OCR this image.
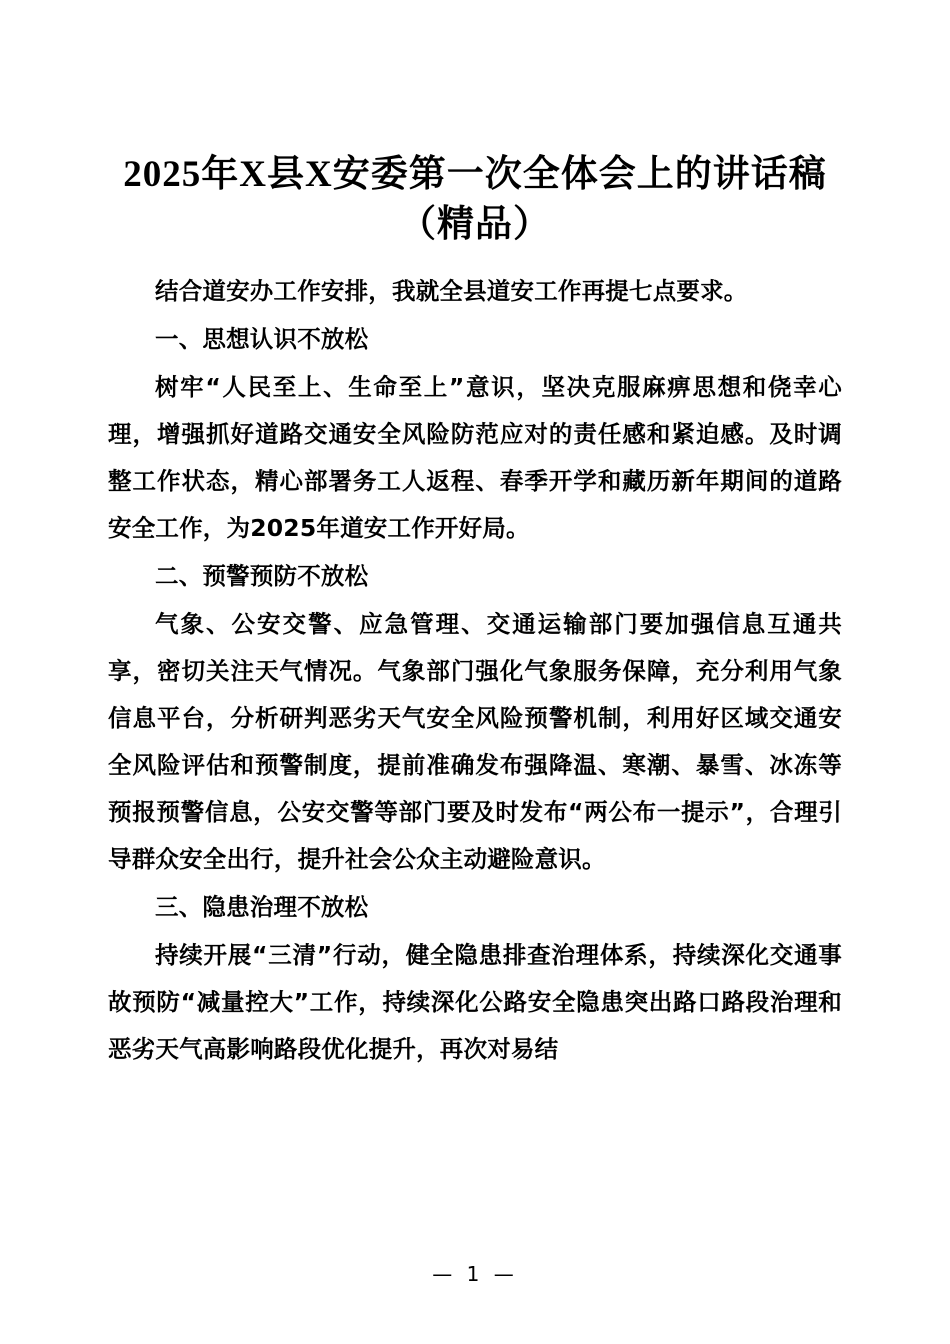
2025年X县X安委第一次全体会上的讲话稿（精品）

结合道安办工作安排，我就全县道安工作再提七点要求。

一、思想认识不放松

树牢“人民至上、生命至上”意识，坚决克服麻痹思想和侥幸心理，增强抓好道路交通安全风险防范应对的责任感和紧迫感。及时调整工作状态，精心部署务工人返程、春季开学和藏历新年期间的道路安全工作，为2025年道安工作开好局。

二、预警预防不放松

气象、公安交警、应急管理、交通运输部门要加强信息互通共享，密切关注天气情况。气象部门强化气象服务保障，充分利用气象信息平台，分析研判恶劣天气安全风险预警机制，利用好区域交通安全风险评估和预警制度，提前准确发布强降温、寒潮、暴雪、冰冻等预报预警信息，公安交警等部门要及时发布“两公布一提示”，合理引导群众安全出行，提升社会公众主动避险意识。

三、隐患治理不放松

持续开展“三清”行动，健全隐患排查治理体系，持续深化交通事故预防“减量控大”工作，持续深化公路安全隐患突出路口路段治理和恶劣天气高影响路段优化提升，再次对易结

— 1 —
